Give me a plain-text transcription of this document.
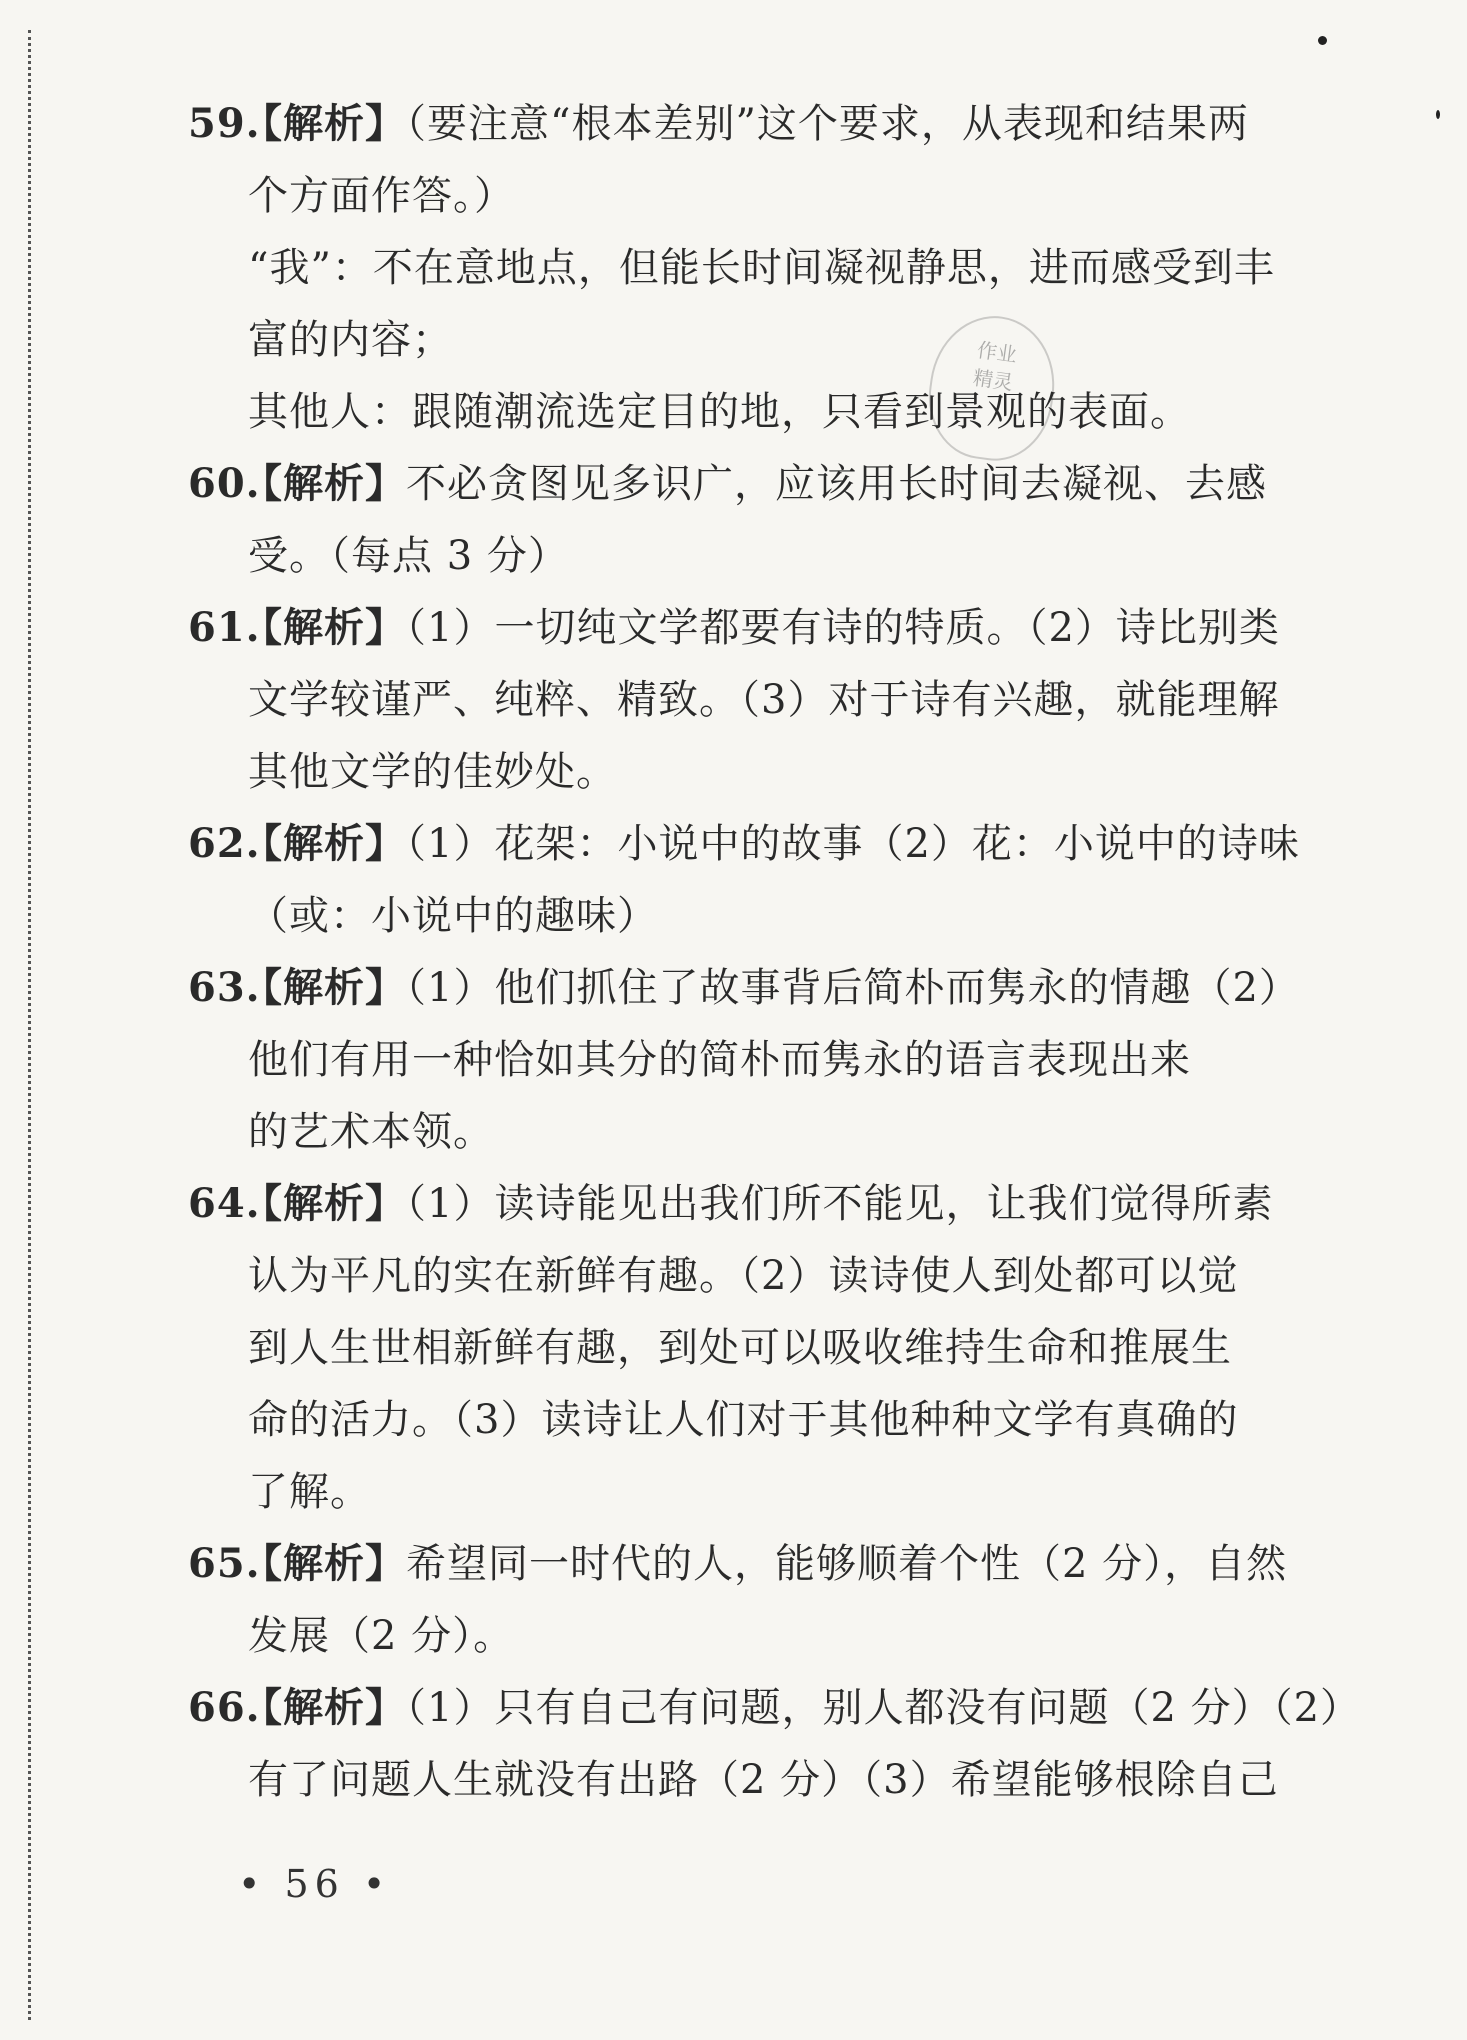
作业
精灵
59.
【解析】（要注意“根本差别”这个要求，从表现和结果两
个方面作答。）
“我”：不在意地点，但能长时间凝视静思，进而感受到丰
富的内容；
其他人：跟随潮流选定目的地，只看到景观的表面。
60.
【解析】不必贪图见多识广，应该用长时间去凝视、去感
受。（每点 3 分）
61.
【解析】（1）一切纯文学都要有诗的特质。（2）诗比别类
文学较谨严、纯粹、精致。（3）对于诗有兴趣，就能理解
其他文学的佳妙处。
62.
【解析】（1）花架：小说中的故事（2）花：小说中的诗味
（或：小说中的趣味）
63.
【解析】（1）他们抓住了故事背后简朴而隽永的情趣（2）
他们有用一种恰如其分的简朴而隽永的语言表现出来
的艺术本领。
64.
【解析】（1）读诗能见出我们所不能见，让我们觉得所素
认为平凡的实在新鲜有趣。（2）读诗使人到处都可以觉
到人生世相新鲜有趣，到处可以吸收维持生命和推展生
命的活力。（3）读诗让人们对于其他种种文学有真确的
了解。
65.
【解析】希望同一时代的人，能够顺着个性（2 分），自然
发展（2 分）。
66.
【解析】（1）只有自己有问题，别人都没有问题（2 分）（2）
有了问题人生就没有出路（2 分）（3）希望能够根除自己
• 56 •
